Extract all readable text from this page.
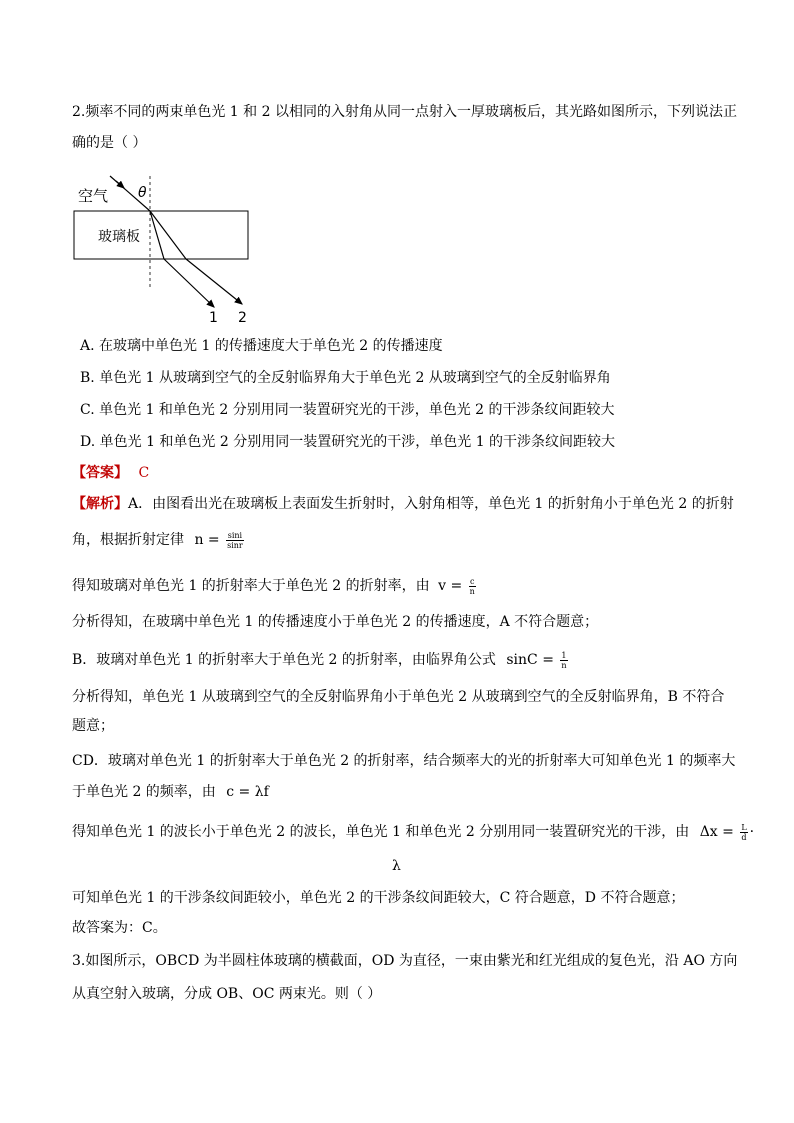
2.频率不同的两束单色光 1 和 2 以相同的入射角从同一点射入一厚玻璃板后，其光路如图所示，下列说法正
确的是（ ）
空气 θ
玻璃板
1 2
A. 在玻璃中单色光 1 的传播速度大于单色光 2 的传播速度
B. 单色光 1 从玻璃到空气的全反射临界角大于单色光 2 从玻璃到空气的全反射临界角
C. 单色光 1 和单色光 2 分别用同一装置研究光的干涉，单色光 2 的干涉条纹间距较大
D. 单色光 1 和单色光 2 分别用同一装置研究光的干涉，单色光 1 的干涉条纹间距较大
【答案】 C
【解析】A．由图看出光在玻璃板上表面发生折射时，入射角相等，单色光 1 的折射角小于单色光 2 的折射
角，根据折射定律 $n = \frac{\sin i}{\sin r}$
得知玻璃对单色光 1 的折射率大于单色光 2 的折射率，由 $v = \frac{c}{n}$
分析得知，在玻璃中单色光 1 的传播速度小于单色光 2 的传播速度，A 不符合题意；
B．玻璃对单色光 1 的折射率大于单色光 2 的折射率，由临界角公式 $\sin C = \frac{1}{n}$
分析得知，单色光 1 从玻璃到空气的全反射临界角小于单色光 2 从玻璃到空气的全反射临界角，B 不符合
题意；
CD．玻璃对单色光 1 的折射率大于单色光 2 的折射率，结合频率大的光的折射率大可知单色光 1 的频率大
于单色光 2 的频率，由 c = λf
得知单色光 1 的波长小于单色光 2 的波长，单色光 1 和单色光 2 分别用同一装置研究光的干涉，由 $\Delta x = \frac{L}{d}$ ·
λ
可知单色光 1 的干涉条纹间距较小，单色光 2 的干涉条纹间距较大，C 符合题意，D 不符合题意；
故答案为：C。
3.如图所示，OBCD 为半圆柱体玻璃的横截面，OD 为直径，一束由紫光和红光组成的复色光，沿 AO 方向
从真空射入玻璃，分成 OB、OC 两束光。则（ ）
